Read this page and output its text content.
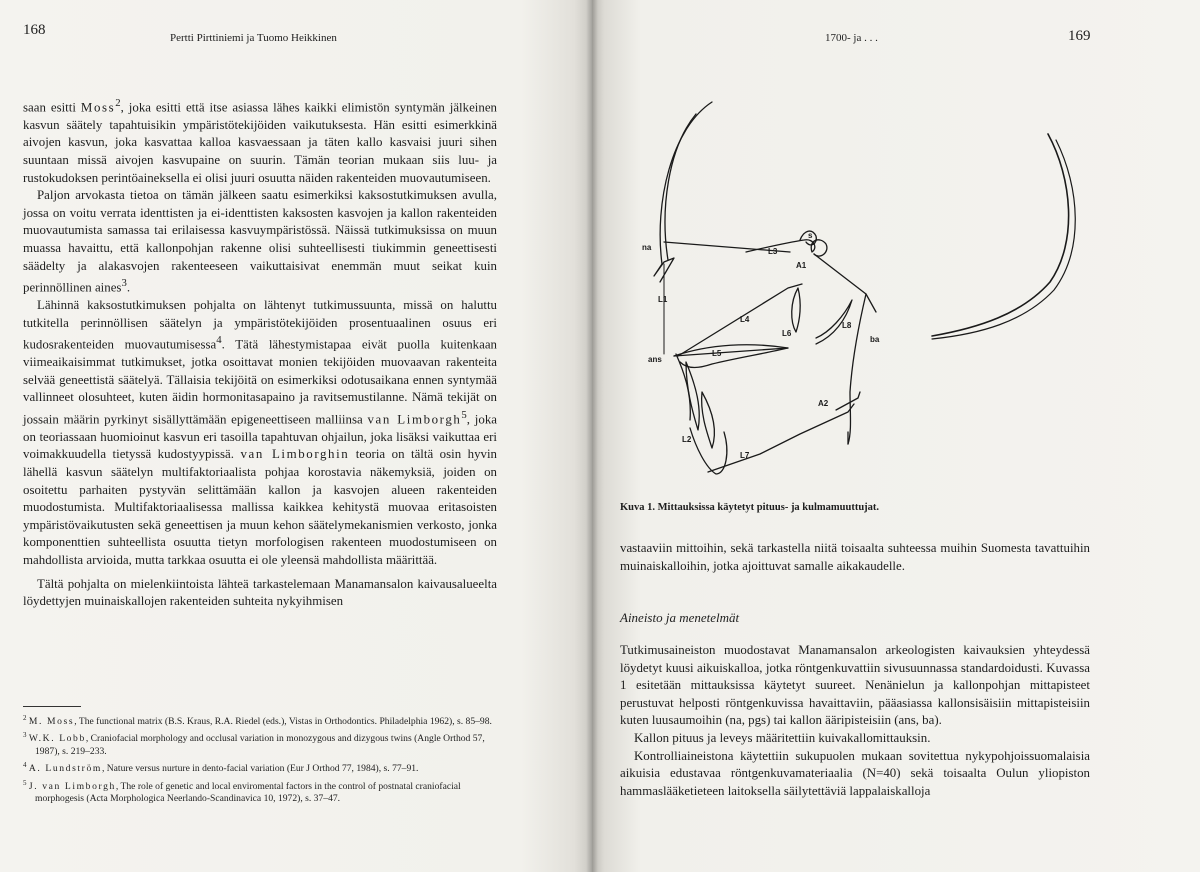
168	Pertti Pirttiniemi ja Tuomo Heikkinen

saan esitti Moss$^2$, joka esitti että itse asiassa lähes kaikki elimistön syntymän jälkeinen kasvun säätely tapahtuisikin ympäristötekijöiden vaikutuksesta. Hän esitti esimerkkinä aivojen kasvun, joka kasvattaa kalloa kasvaessaan ja täten kallo kasvaisi juuri sihen suuntaan missä aivojen kasvupaine on suurin. Tämän teorian mukaan siis luu- ja rustokudoksen perintöaineksella ei olisi juuri osuutta näiden rakenteiden muovautumiseen.

Paljon arvokasta tietoa on tämän jälkeen saatu esimerkiksi kaksostutkimuksen avulla, jossa on voitu verrata identtisten ja ei-identtisten kaksosten kasvojen ja kallon rakenteiden muovautumista samassa tai erilaisessa kasvuympäristössä. Näissä tutkimuksissa on muun muassa havaittu, että kallonpohjan rakenne olisi suhteellisesti tiukimmin geneettisesti säädelty ja alakasvojen rakenteeseen vaikuttaisivat enemmän muut seikat kuin perinnöllinen aines$^3$.

Lähinnä kaksostutkimuksen pohjalta on lähtenyt tutkimussuunta, missä on haluttu tutkitella perinnöllisen säätelyn ja ympäristötekijöiden prosentuaalinen osuus eri kudosrakenteiden muovautumisessa$^4$. Tätä lähestymistapaa eivät puolla kuitenkaan viimeaikaisimmat tutkimukset, jotka osoittavat monien tekijöiden muovaavan rakenteita selvää geneettistä säätelyä. Tällaisia tekijöitä on esimerkiksi odotusaikana ennen syntymää vallinneet olosuhteet, kuten äidin hormonitasapaino ja ravitsemustilanne. Nämä tekijät on jossain määrin pyrkinyt sisällyttämään epigeneettiseen malliinsa van Limborgh$^5$, joka on teoriassaan huomioinut kasvun eri tasoilla tapahtuvan ohjailun, joka lisäksi vaikuttaa eri voimakkuudella tietyssä kudostyypissä. van Limborghin teoria on tältä osin hyvin lähellä kasvun säätelyn multifaktoriaalista pohjaa korostavia näkemyksiä, joiden on osoitettu parhaiten pystyvän selittämään kallon ja kasvojen alueen rakenteiden muodostumista. Multifaktoriaalisessa mallissa kaikkea kehitystä muovaa eritasoisten ympäristövaikutusten sekä geneettisen ja muun kehon säätelymekanismien verkosto, jonka komponenttien suhteellista osuutta tietyn morfologisen rakenteen muodostumiseen on mahdollista arvioida, mutta tarkkaa osuutta ei ole yleensä mahdollista määrittää.

Tältä pohjalta on mielenkiintoista lähteä tarkastelemaan Manamansalon kaivausalueelta löydettyjen muinaiskallojen rakenteiden suhteita nykyihmisen

$^2$ M. Moss, The functional matrix (B.S. Kraus, R.A. Riedel (eds.), Vistas in Orthodontics. Philadelphia 1962), s. 85–98.

$^3$ W.K. Lobb, Craniofacial morphology and occlusal variation in monozygous and dizygous twins (Angle Orthod 57, 1987), s. 219–233.

$^4$ A. Lundström, Nature versus nurture in dento-facial variation (Eur J Orthod 77, 1984), s. 77–91.

$^5$ J. van Limborgh, The role of genetic and local enviromental factors in the control of postnatal craniofacial morphogesis (Acta Morphologica Neerlando-Scandinavica 10, 1972), s. 37–47.

1700- ja . . .	169
na
s
L3
A1
L1
L4
L6
L8
ba
ans
L5
A2
L2
L7
Kuva 1. Mittauksissa käytetyt pituus- ja kulmamuuttujat.

vastaaviin mittoihin, sekä tarkastella niitä toisaalta suhteessa muihin Suomesta tavattuihin muinaiskalloihin, jotka ajoittuvat samalle aikakaudelle.

Aineisto ja menetelmät

Tutkimusaineiston muodostavat Manamansalon arkeologisten kaivauksien yhteydessä löydetyt kuusi aikuiskalloa, jotka röntgenkuvattiin sivusuunnassa standardoidusti. Kuvassa 1 esitetään mittauksissa käytetyt suureet. Nenänielun ja kallonpohjan mittapisteet perustuvat helposti röntgenkuvissa havaittaviin, pääasiassa kallonsisäisiin mittapisteisiin kuten luusaumoihin (na, pgs) tai kallon ääripisteisiin (ans, ba).

Kallon pituus ja leveys määritettiin kuivakallomittauksin.

Kontrolliaineistona käytettiin sukupuolen mukaan sovitettua nykypohjoissuomalaisia aikuisia edustavaa röntgenkuvamateriaalia (N=40) sekä toisaalta Oulun yliopiston hammaslääketieteen laitoksella säilytettäviä lappalaiskalloja
